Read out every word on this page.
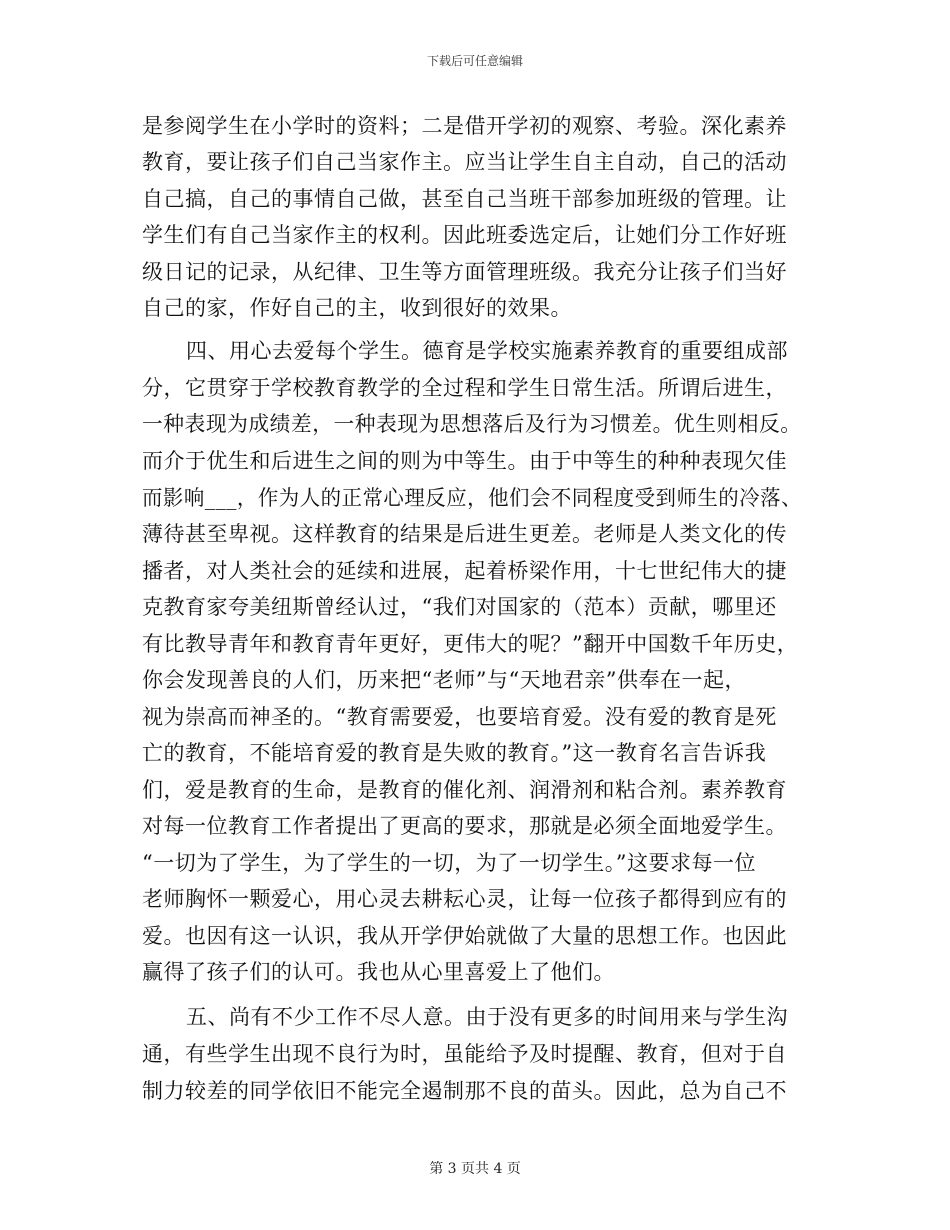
下载后可任意编辑
是参阅学生在小学时的资料；二是借开学初的观察、考验。深化素养
教育，要让孩子们自己当家作主。应当让学生自主自动，自己的活动
自己搞，自己的事情自己做，甚至自己当班干部参加班级的管理。让
学生们有自己当家作主的权利。因此班委选定后，让她们分工作好班
级日记的记录，从纪律、卫生等方面管理班级。我充分让孩子们当好
自己的家，作好自己的主，收到很好的效果。
四、用心去爱每个学生。德育是学校实施素养教育的重要组成部
分，它贯穿于学校教育教学的全过程和学生日常生活。所谓后进生，
一种表现为成绩差，一种表现为思想落后及行为习惯差。优生则相反。
而介于优生和后进生之间的则为中等生。由于中等生的种种表现欠佳
而影响___，作为人的正常心理反应，他们会不同程度受到师生的冷落、
薄待甚至卑视。这样教育的结果是后进生更差。老师是人类文化的传
播者，对人类社会的延续和进展，起着桥梁作用，十七世纪伟大的捷
克教育家夸美纽斯曾经认过，“我们对国家的（范本）贡献，哪里还
有比教导青年和教育青年更好，更伟大的呢？”翻开中国数千年历史，
你会发现善良的人们，历来把“老师”与“天地君亲”供奉在一起，
视为崇高而神圣的。“教育需要爱，也要培育爱。没有爱的教育是死
亡的教育，不能培育爱的教育是失败的教育。”这一教育名言告诉我
们，爱是教育的生命，是教育的催化剂、润滑剂和粘合剂。素养教育
对每一位教育工作者提出了更高的要求，那就是必须全面地爱学生。
“一切为了学生，为了学生的一切，为了一切学生。”这要求每一位
老师胸怀一颗爱心，用心灵去耕耘心灵，让每一位孩子都得到应有的
爱。也因有这一认识，我从开学伊始就做了大量的思想工作。也因此
赢得了孩子们的认可。我也从心里喜爱上了他们。
五、尚有不少工作不尽人意。由于没有更多的时间用来与学生沟
通，有些学生出现不良行为时，虽能给予及时提醒、教育，但对于自
制力较差的同学依旧不能完全遏制那不良的苗头。因此，总为自己不
第 3 页共 4 页
